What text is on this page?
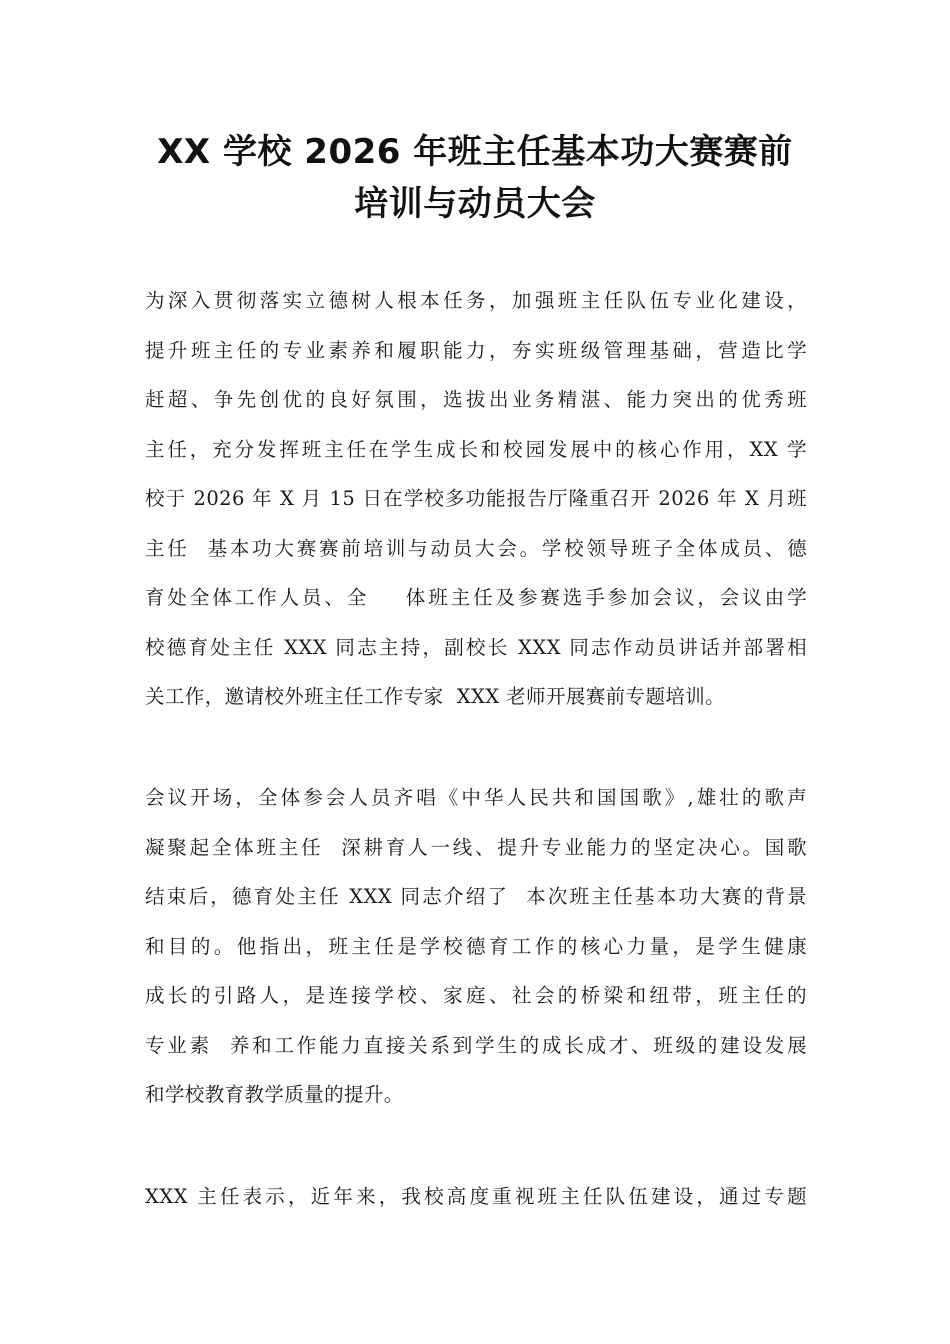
XX 学校 2026 年班主任基本功大赛赛前
培训与动员大会
为深入贯彻落实立德树人根本任务，加强班主任队伍专业化建设，
提升班主任的专业素养和履职能力，夯实班级管理基础，营造比学
赶超、争先创优的良好氛围，选拔出业务精湛、能力突出的优秀班
主任，充分发挥班主任在学生成长和校园发展中的核心作用，XX 学
校于 2026 年 X 月 15 日在学校多功能报告厅隆重召开 2026 年 X 月班
主任  基本功大赛赛前培训与动员大会。学校领导班子全体成员、德
育处全体工作人员、全    体班主任及参赛选手参加会议，会议由学
校德育处主任 XXX 同志主持，副校长 XXX 同志作动员讲话并部署相
关工作，邀请校外班主任工作专家  XXX 老师开展赛前专题培训。
会议开场，全体参会人员齐唱《中华人民共和国国歌》,雄壮的歌声
凝聚起全体班主任  深耕育人一线、提升专业能力的坚定决心。国歌
结束后，德育处主任 XXX 同志介绍了  本次班主任基本功大赛的背景
和目的。他指出，班主任是学校德育工作的核心力量，是学生健康
成长的引路人，是连接学校、家庭、社会的桥梁和纽带，班主任的
专业素  养和工作能力直接关系到学生的成长成才、班级的建设发展
和学校教育教学质量的提升。
XXX 主任表示，近年来，我校高度重视班主任队伍建设，通过专题
